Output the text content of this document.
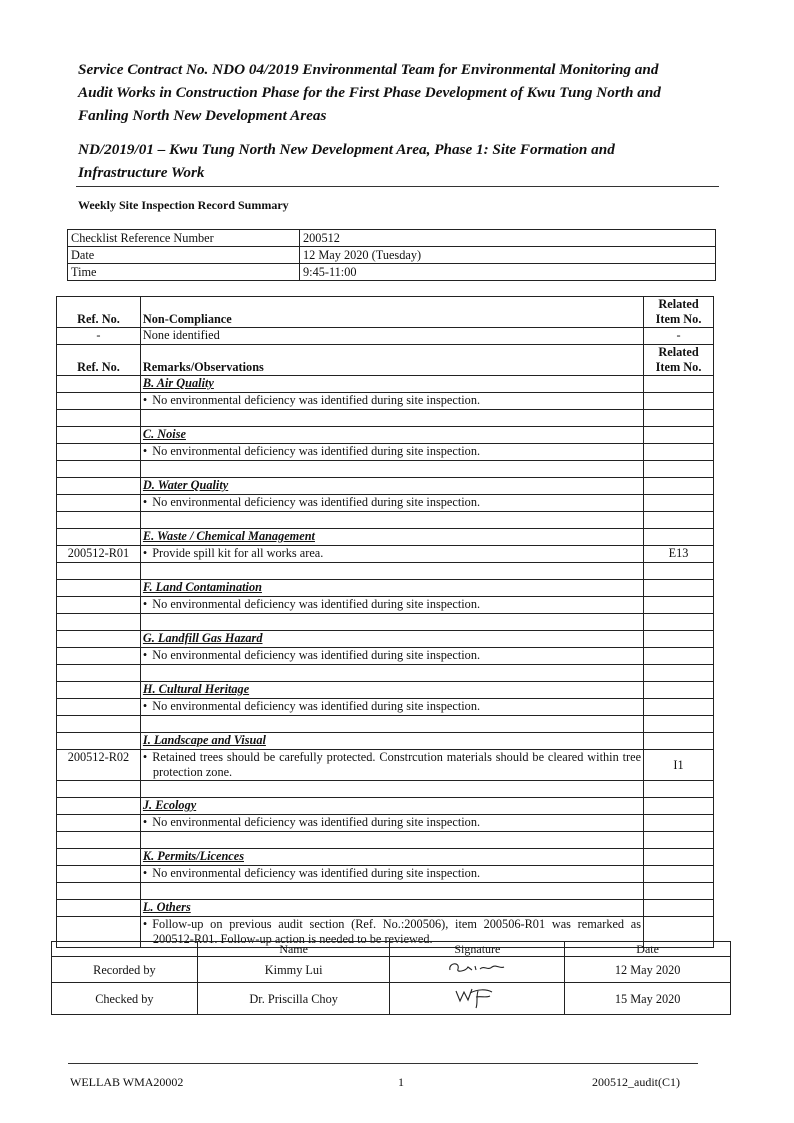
Service Contract No. NDO 04/2019 Environmental Team for Environmental Monitoring and
Audit Works in Construction Phase for the First Phase Development of Kwu Tung North and
Fanling North New Development Areas
ND/2019/01 – Kwu Tung North New Development Area, Phase 1: Site Formation and
Infrastructure Work
Weekly Site Inspection Record Summary
Checklist Reference Number	200512
Date	12 May 2020 (Tuesday)
Time	9:45-11:00
Ref. No.	Non-Compliance	Related
Item No.

-	None identified	-
Ref. No.	Remarks/Observations	Related
Item No.

	B. Air Quality	

	• No environmental deficiency was identified during site inspection.

	C. Noise	

	• No environmental deficiency was identified during site inspection.

	D. Water Quality	

	• No environmental deficiency was identified during site inspection.

	E. Waste / Chemical Management	
200512-R01	• Provide spill kit for all works area.	E13

	F. Land Contamination	

	• No environmental deficiency was identified during site inspection.

	G. Landfill Gas Hazard	

	• No environmental deficiency was identified during site inspection.

	H. Cultural Heritage	

	• No environmental deficiency was identified during site inspection.

	I. Landscape and Visual	
200512-R02	• Retained trees should be carefully protected. Constrcution materials should be cleared within tree protection zone.	I1

	J. Ecology	

	• No environmental deficiency was identified during site inspection.

	K. Permits/Licences	

	• No environmental deficiency was identified during site inspection.

	L. Others	

	• Follow-up on previous audit section (Ref. No.:200506), item 200506-R01 was remarked as 200512-R01. Follow-up action is needed to be reviewed.

	Name	Signature	Date
Recorded by	Kimmy Lui		12 May 2020
Checked by	Dr. Priscilla Choy		15 May 2020
WELLAB WMA20002	1	200512_audit(C1)
